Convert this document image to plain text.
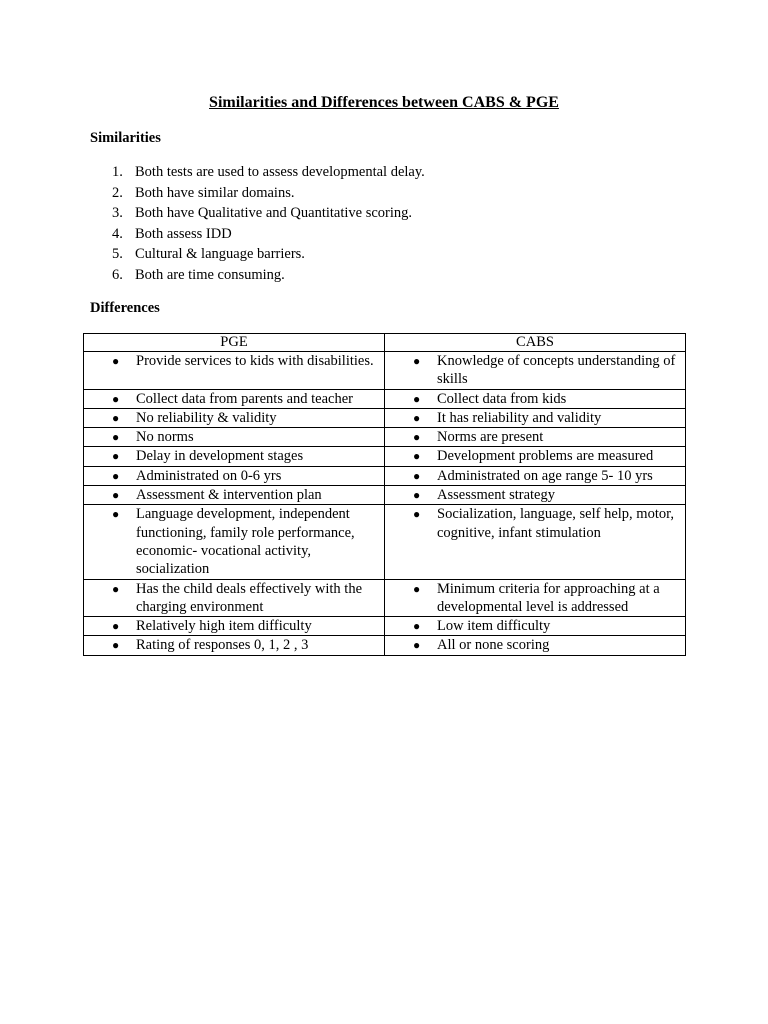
Similarities and Differences between CABS & PGE
Similarities
1. Both tests are used to assess developmental delay.
2. Both have similar domains.
3. Both have Qualitative and Quantitative scoring.
4. Both assess IDD
5. Cultural & language barriers.
6. Both are time consuming.
Differences
PGE	CABS

● Provide services to kids with disabilities.	● Knowledge of concepts understanding of skills

● Collect data from parents and teacher	● Collect data from kids

● No reliability & validity	● It has reliability and validity

● No norms	● Norms are present

● Delay in development stages	● Development problems are measured

● Administrated on 0-6 yrs	● Administrated on age range 5- 10 yrs

● Assessment & intervention plan	● Assessment strategy

● Language development, independent functioning, family role performance, economic- vocational activity, socialization	● Socialization, language, self help, motor, cognitive, infant stimulation

● Has the child deals effectively with the charging environment	● Minimum criteria for approaching at a developmental level is addressed

● Relatively high item difficulty	● Low item difficulty

● Rating of responses 0, 1, 2 , 3	● All or none scoring
